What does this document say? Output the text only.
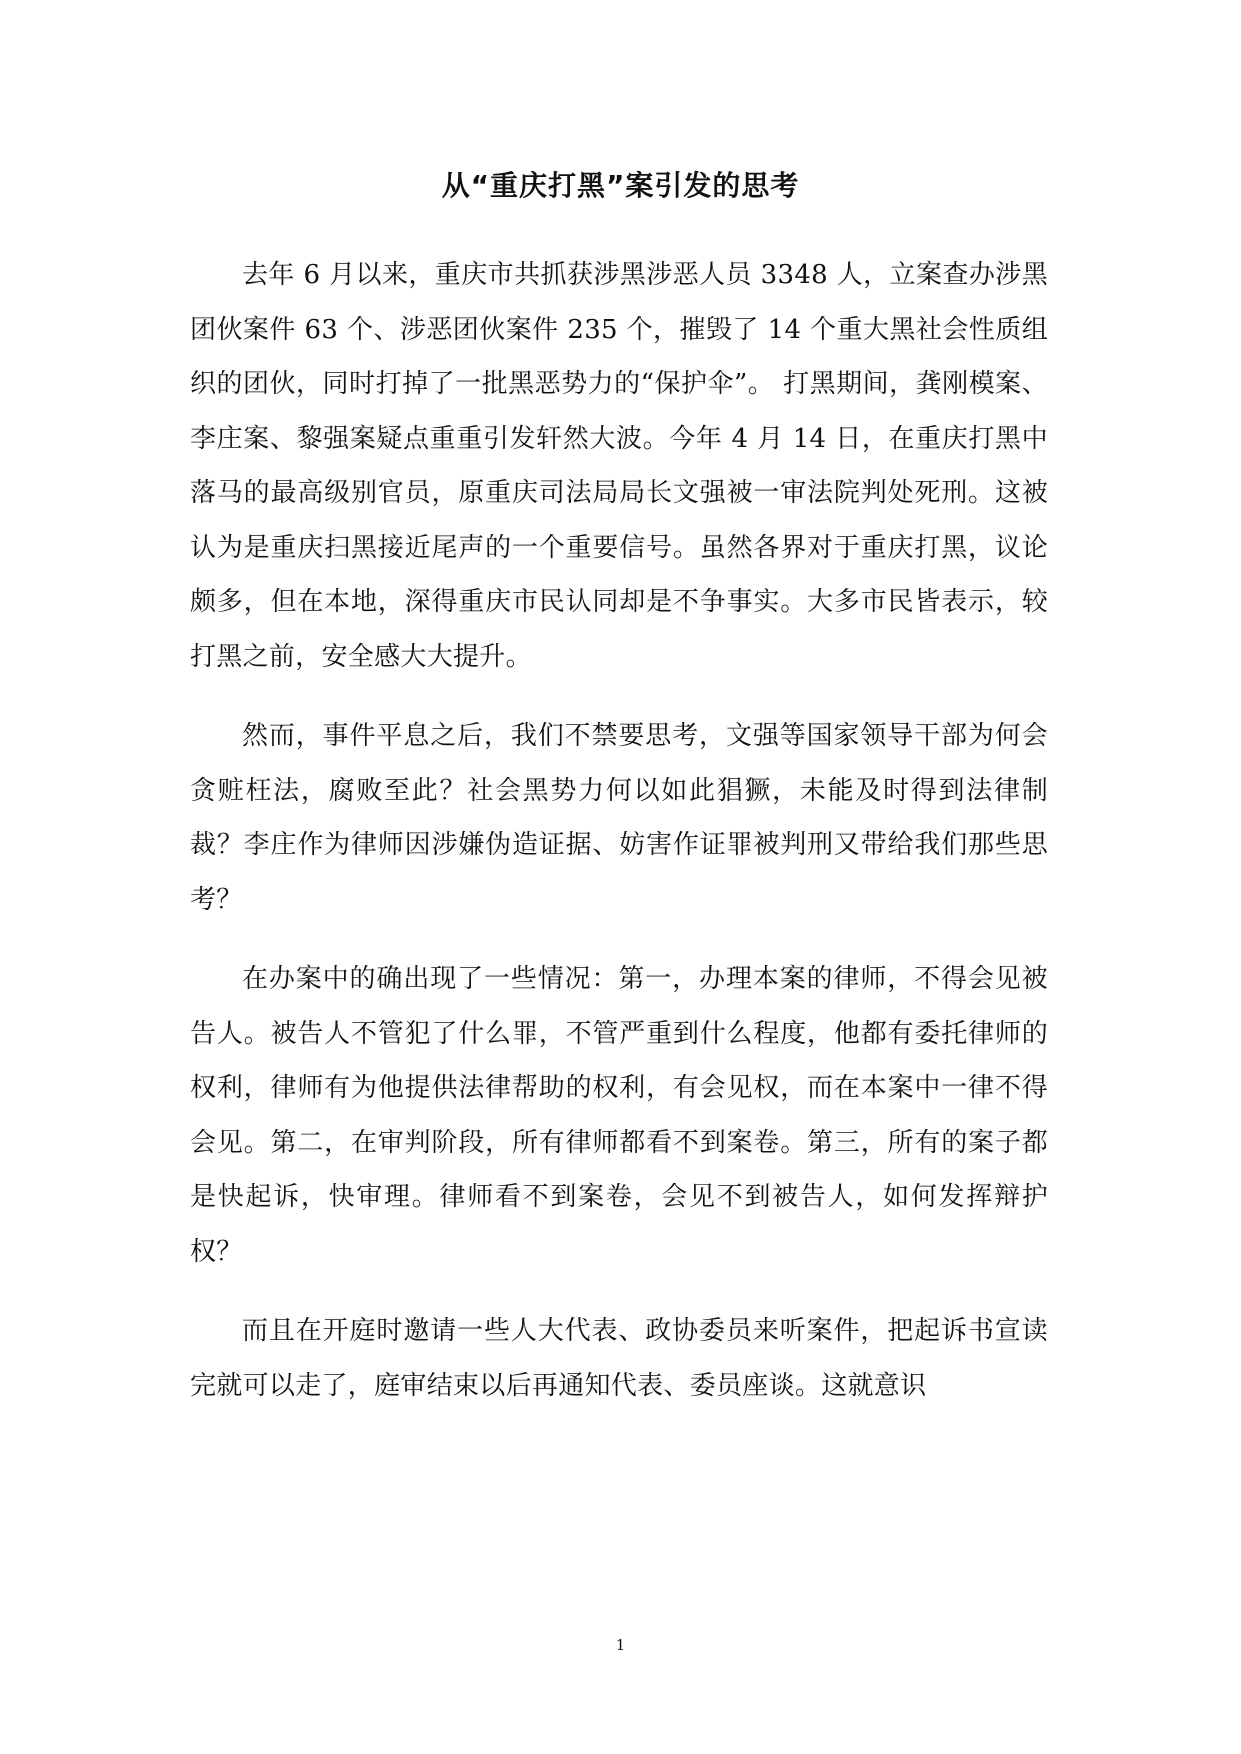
从“重庆打黑”案引发的思考

去年 6 月以来，重庆市共抓获涉黑涉恶人员 3348 人，立案查办涉黑团伙案件 63 个、涉恶团伙案件 235 个，摧毁了 14 个重大黑社会性质组织的团伙，同时打掉了一批黑恶势力的“保护伞”。 打黑期间，龚刚模案、李庄案、黎强案疑点重重引发轩然大波。今年 4 月 14 日，在重庆打黑中落马的最高级别官员，原重庆司法局局长文强被一审法院判处死刑。这被认为是重庆扫黑接近尾声的一个重要信号。虽然各界对于重庆打黑，议论颇多，但在本地，深得重庆市民认同却是不争事实。大多市民皆表示，较打黑之前，安全感大大提升。

然而，事件平息之后，我们不禁要思考，文强等国家领导干部为何会贪赃枉法，腐败至此？社会黑势力何以如此猖獗，未能及时得到法律制裁？李庄作为律师因涉嫌伪造证据、妨害作证罪被判刑又带给我们那些思考？

在办案中的确出现了一些情况：第一，办理本案的律师，不得会见被告人。被告人不管犯了什么罪，不管严重到什么程度，他都有委托律师的权利，律师有为他提供法律帮助的权利，有会见权，而在本案中一律不得会见。第二，在审判阶段，所有律师都看不到案卷。第三，所有的案子都是快起诉，快审理。律师看不到案卷，会见不到被告人，如何发挥辩护权？

而且在开庭时邀请一些人大代表、政协委员来听案件，把起诉书宣读完就可以走了，庭审结束以后再通知代表、委员座谈。这就意识

1
